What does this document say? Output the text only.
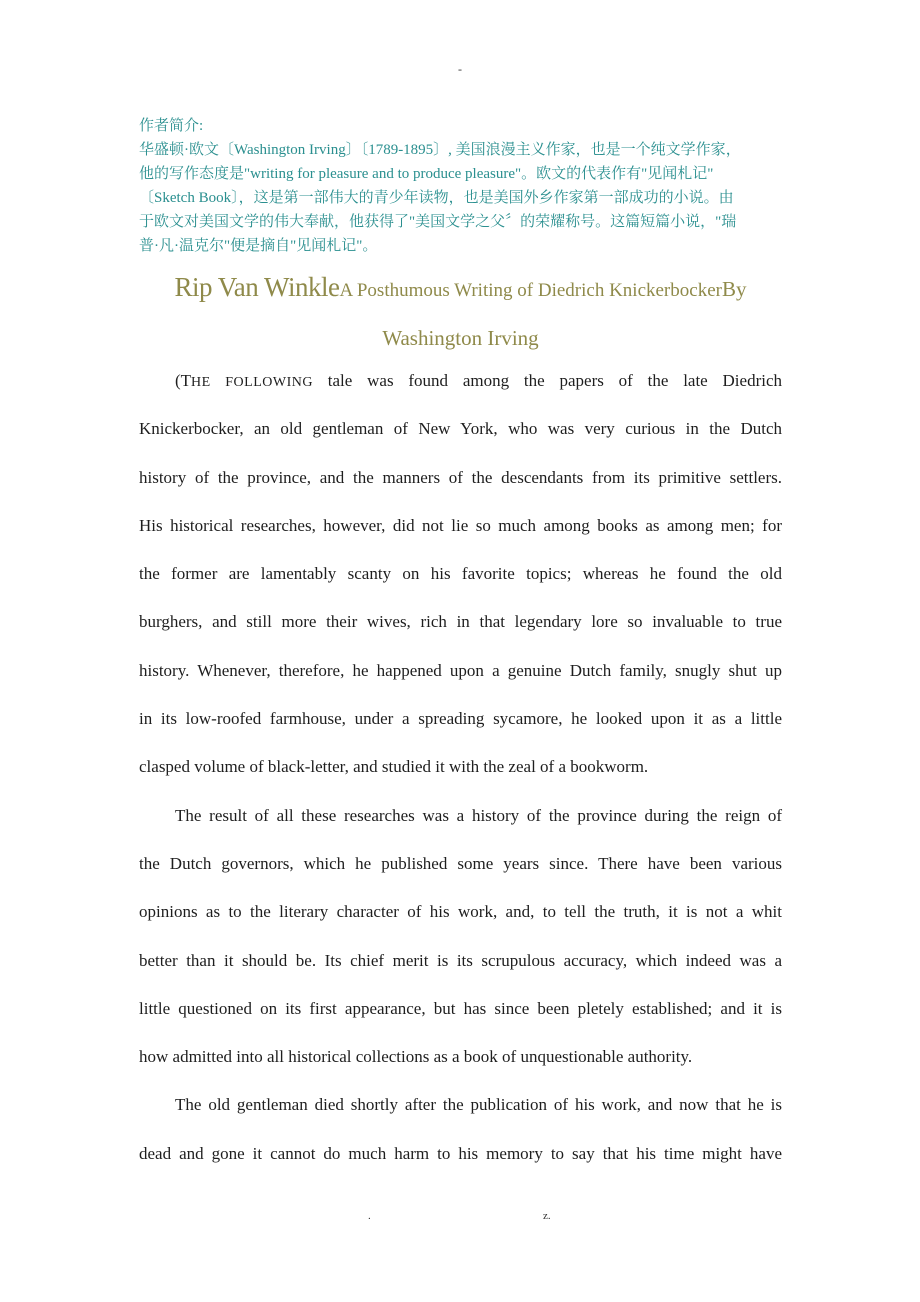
-
作者简介:
华盛顿·欧文〔Washington Irving〕〔1789-1895〕, 美国浪漫主义作家，也是一个纯文学作家，
他的写作态度是"writing for pleasure and to produce pleasure"。欧文的代表作有"见闻札记"
〔Sketch Book〕，这是第一部伟大的青少年读物，也是美国外乡作家第一部成功的小说。由
于欧文对美国文学的伟大奉献，他获得了"美国文学之父〞的荣耀称号。这篇短篇小说，"瑞
普·凡·温克尔"便是摘自"见闻札记"。
Rip Van WinkleA Posthumous Writing of Diedrich KnickerbockerBy
Washington Irving
(THE FOLLOWING tale was found among the papers of the late Diedrich
Knickerbocker, an old gentleman of New York, who was very curious in the Dutch
history of the province, and the manners of the descendants from its primitive settlers.
His historical researches, however, did not lie so much among books as among men; for
the former are lamentably scanty on his favorite topics; whereas he found the old
burghers, and still more their wives, rich in that legendary lore so invaluable to true
history. Whenever, therefore, he happened upon a genuine Dutch family, snugly shut up
in its low-roofed farmhouse, under a spreading sycamore, he looked upon it as a little
clasped volume of black-letter, and studied it with the zeal of a bookworm.
The result of all these researches was a history of the province during the reign of
the Dutch governors, which he published some years since. There have been various
opinions as to the literary character of his work, and, to tell the truth, it is not a whit
better than it should be. Its chief merit is its scrupulous accuracy, which indeed was a
little questioned on its first appearance, but has since been pletely established; and it is
how admitted into all historical collections as a book of unquestionable authority.
The old gentleman died shortly after the publication of his work, and now that he is
dead and gone it cannot do much harm to his memory to say that his time might have
.	z.
